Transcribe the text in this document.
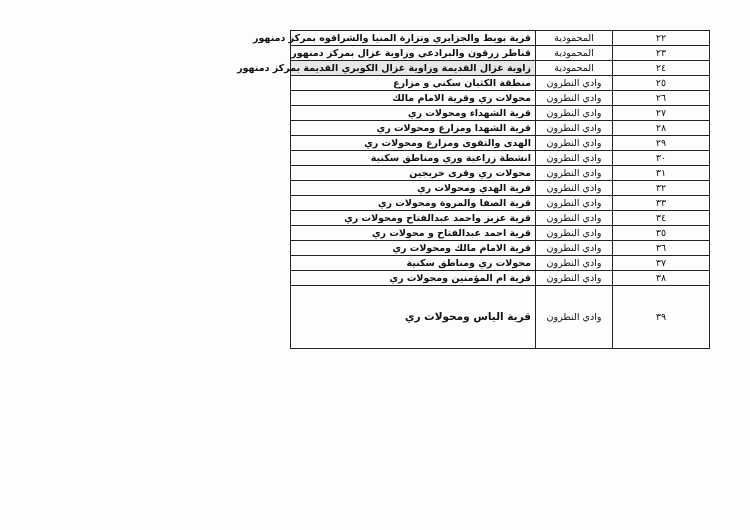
٢٢	المحمودية	قرية بويط والجزايري ونزارة المنيا والشراقوه بمركز دمنهور
٢٣	المحمودية	قناطر زرقون والبرادعي وزاوية غزال بمركز دمنهور
٢٤	المحمودية	زاوية غزال القديمة وزاوية غزال الكوبري القديمة بمركز دمنهور
٢٥	وادي النطرون	منطقة الكثبان سكني و مزارع
٢٦	وادي النطرون	محولات ري وقرية الامام مالك
٢٧	وادي النطرون	قرية الشهداء ومحولات ري
٢٨	وادي النطرون	قرية الشهدا ومزارع ومحولات ري
٢٩	وادي النطرون	الهدى والتقوى ومزارع ومحولات ري
٣٠	وادي النطرون	انشطة زراعية وري ومناطق سكنية
٣١	وادي النطرون	محولات ري وقرى خريجين
٣٢	وادي النطرون	قرية الهدي ومحولات ري
٣٣	وادي النطرون	قرية الصفا والمروة ومحولات ري
٣٤	وادي النطرون	قرية عزبز واحمد عبدالفتاح ومحولات ري
٣٥	وادي النطرون	قرية احمد عبدالفتاح و محولات ري
٣٦	وادي النطرون	قرية الامام مالك ومحولات ري
٣٧	وادي النطرون	محولات ري ومناطق سكنية
٣٨	وادي النطرون	قرية ام المؤمنين ومحولات ري
٣٩	وادي النطرون	قرية الياس ومحولات ري
